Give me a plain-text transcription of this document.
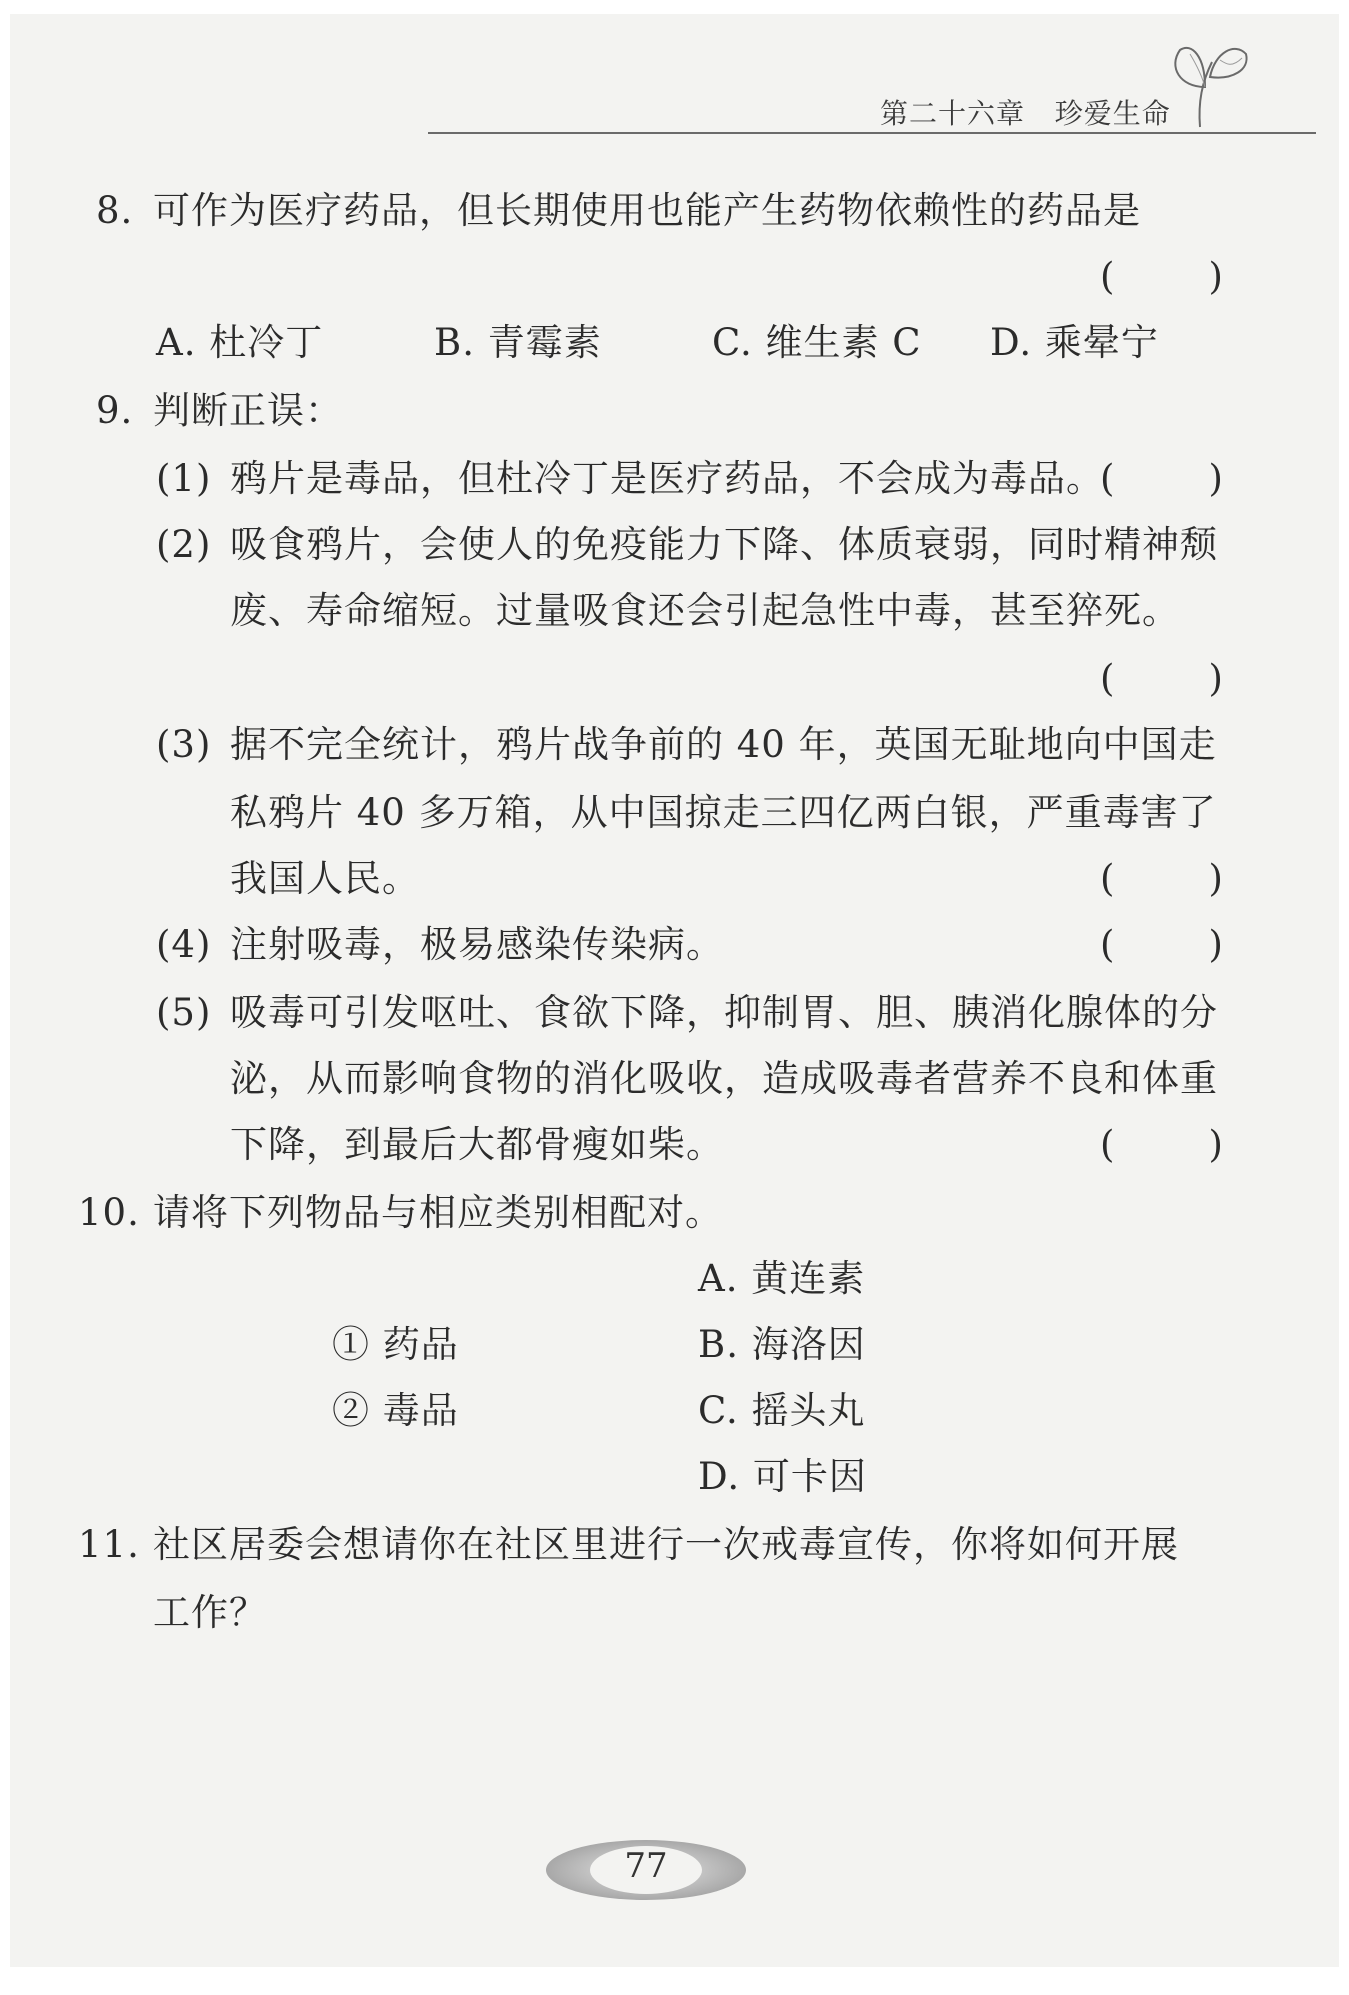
第二十六章 珍爱生命
8. 可作为医疗药品，但长期使用也能产生药物依赖性的药品是
(        )
A. 杜冷丁	B. 青霉素	C. 维生素 C D. 乘晕宁
9. 判断正误：
(1) 鸦片是毒品，但杜冷丁是医疗药品，不会成为毒品。
(        )
(2) 吸食鸦片，会使人的免疫能力下降、体质衰弱，同时精神颓
废、寿命缩短。过量吸食还会引起急性中毒，甚至猝死。
(        )
(3) 据不完全统计，鸦片战争前的 40 年，英国无耻地向中国走
私鸦片 40 多万箱，从中国掠走三四亿两白银，严重毒害了
我国人民。	(        )
(4) 注射吸毒，极易感染传染病。	(        )
(5) 吸毒可引发呕吐、食欲下降，抑制胃、胆、胰消化腺体的分
泌，从而影响食物的消化吸收，造成吸毒者营养不良和体重
下降，到最后大都骨瘦如柴。	(        )
10. 请将下列物品与相应类别相配对。
A. 黄连素
① 药品	B. 海洛因
② 毒品	C. 摇头丸
D. 可卡因
11. 社区居委会想请你在社区里进行一次戒毒宣传，你将如何开展
工作？
77
